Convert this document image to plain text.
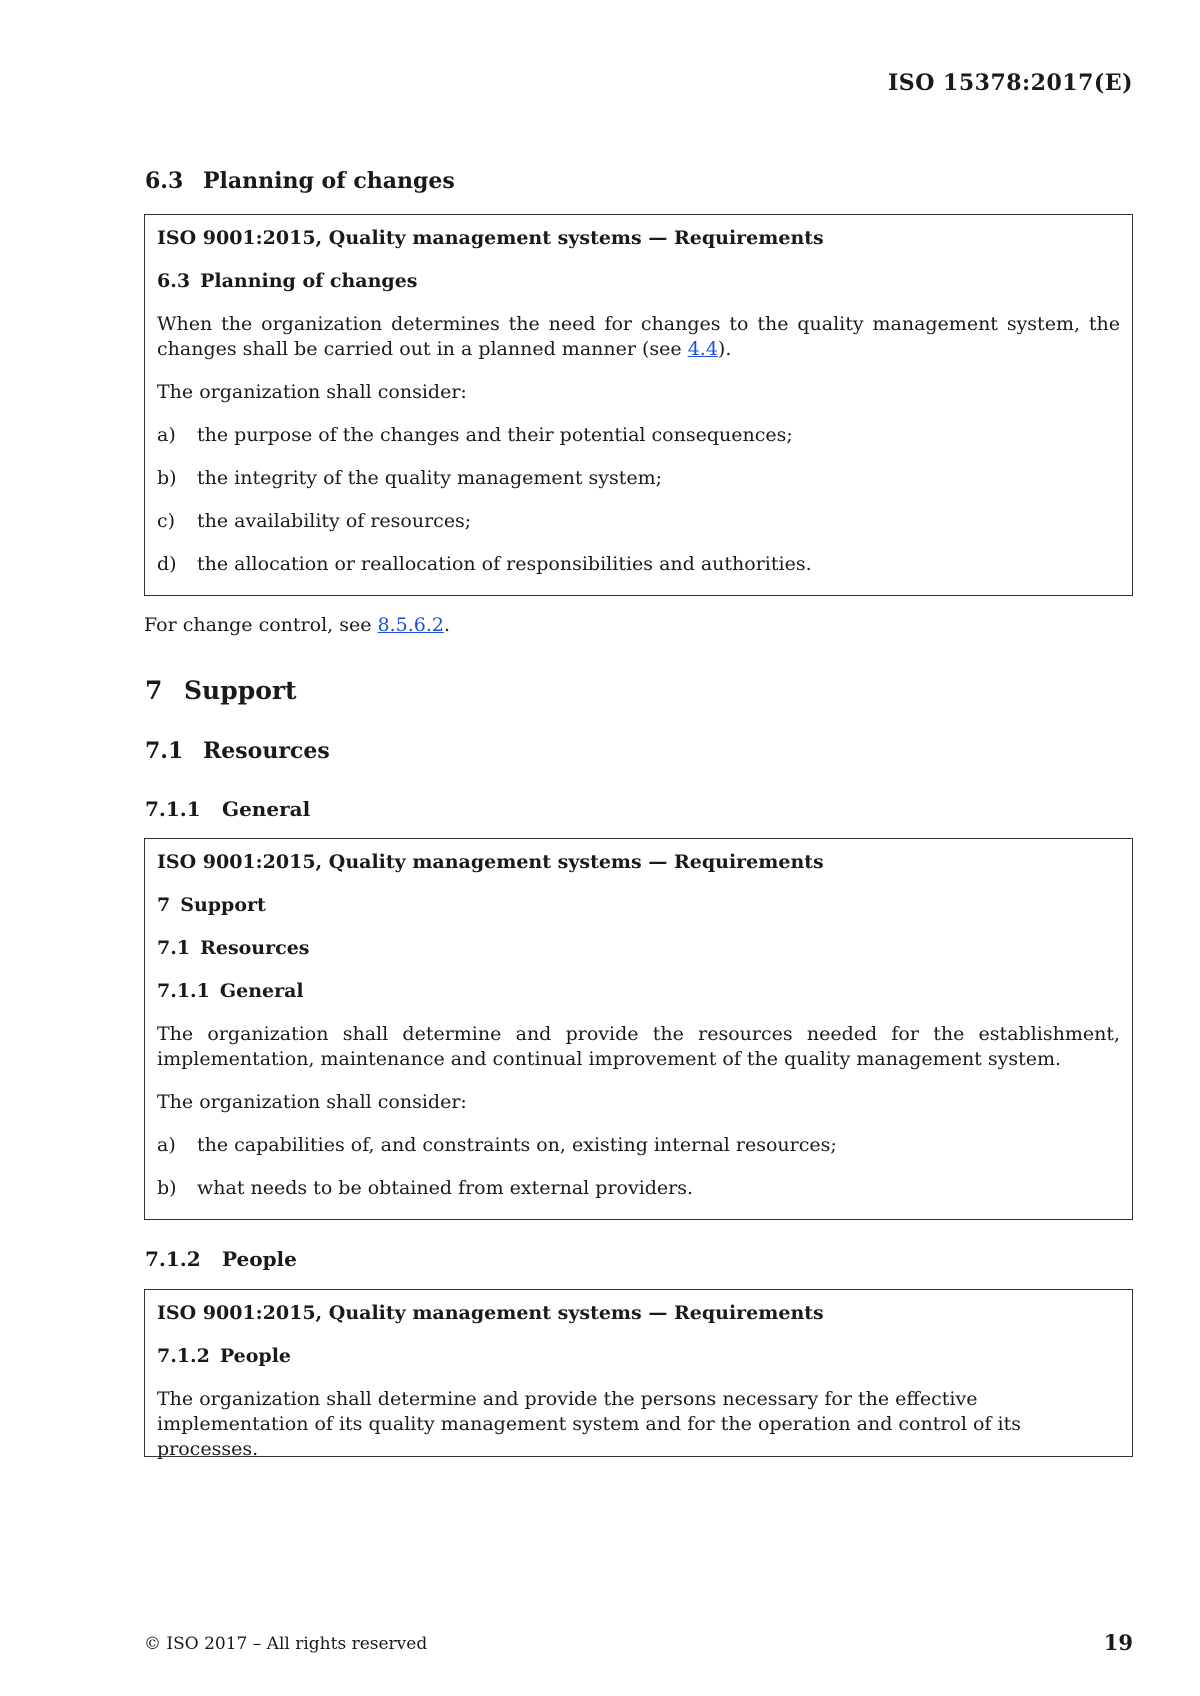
ISO 15378:2017(E)
6.3 Planning of changes

ISO 9001:2015, Quality management systems — Requirements

6.3 Planning of changes

When the organization determines the need for changes to the quality management system, the changes shall be carried out in a planned manner (see 4.4).

The organization shall consider:

a)	the purpose of the changes and their potential consequences;

b)	the integrity of the quality management system;

c)	the availability of resources;

d)	the allocation or reallocation of responsibilities and authorities.

For change control, see 8.5.6.2.
7 Support
7.1 Resources
7.1.1 General

ISO 9001:2015, Quality management systems — Requirements

7 Support

7.1 Resources

7.1.1 General

The organization shall determine and provide the resources needed for the establishment, implementation, maintenance and continual improvement of the quality management system.

The organization shall consider:

a)	the capabilities of, and constraints on, existing internal resources;

b)	what needs to be obtained from external providers.

7.1.2 People

ISO 9001:2015, Quality management systems — Requirements

7.1.2 People

The organization shall determine and provide the persons necessary for the effective implementation of its quality management system and for the operation and control of its processes.

© ISO 2017 – All rights reserved	19
